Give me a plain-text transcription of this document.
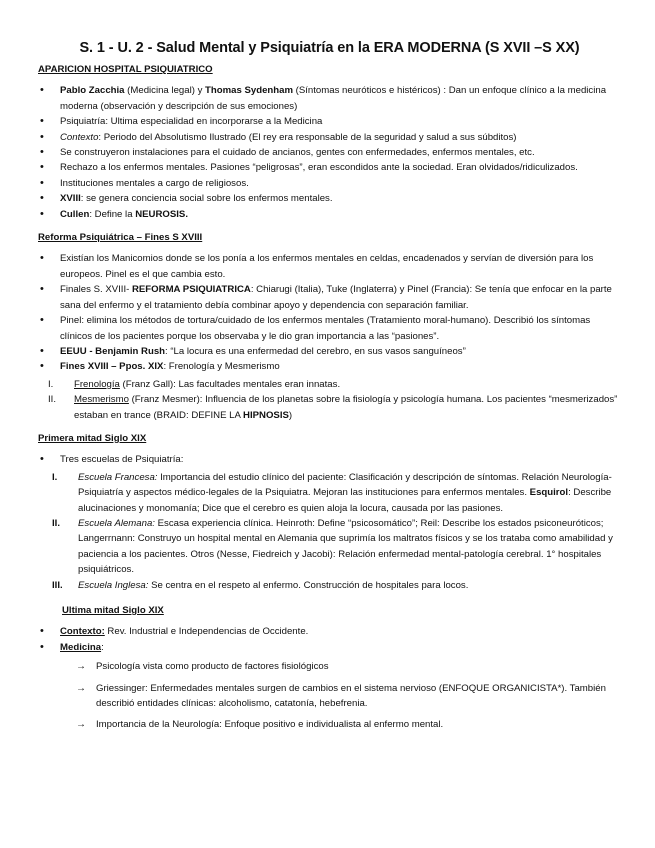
S. 1 - U. 2 - Salud Mental y Psiquiatría en la ERA MODERNA (S XVII –S XX)
APARICION HOSPITAL PSIQUIATRICO
• Pablo Zacchia (Medicina legal) y Thomas Sydenham (Síntomas neuróticos e histéricos) : Dan un enfoque clínico a la medicina moderna (observación y descripción de sus emociones)
• Psiquiatría: Ultima especialidad en incorporarse a la Medicina
• Contexto: Periodo del Absolutismo Ilustrado (El rey era responsable de la seguridad y salud a sus súbditos)
• Se construyeron instalaciones para el cuidado de ancianos, gentes con enfermedades, enfermos mentales, etc.
• Rechazo a los enfermos mentales. Pasiones “peligrosas”, eran escondidos ante la sociedad. Eran olvidados/ridiculizados.
• Instituciones mentales a cargo de religiosos.
• XVIII: se genera conciencia social sobre los enfermos mentales.
• Cullen: Define la NEUROSIS.
Reforma Psiquiátrica – Fines S XVIII
• Existían los Manicomios donde se los ponía a los enfermos mentales en celdas, encadenados y servían de diversión para los europeos. Pinel es el que cambia esto.
• Finales S. XVIII- REFORMA PSIQUIATRICA: Chiarugi (Italia), Tuke (Inglaterra) y Pinel (Francia): Se tenía que enfocar en la parte sana del enfermo y el tratamiento debía combinar apoyo y dependencia con separación familiar.
• Pinel: elimina los métodos de tortura/cuidado de los enfermos mentales (Tratamiento moral-humano). Describió los síntomas clínicos de los pacientes porque los observaba y le dio gran importancia a las “pasiones”.
• EEUU - Benjamin Rush: “La locura es una enfermedad del cerebro, en sus vasos sanguíneos”
• Fines XVIII – Ppos. XIX: Frenología y Mesmerismo
I. Frenología (Franz Gall): Las facultades mentales eran innatas.
II. Mesmerismo (Franz Mesmer): Influencia de los planetas sobre la fisiología y psicología humana. Los pacientes “mesmerizados” estaban en trance (BRAID: DEFINE LA HIPNOSIS)
Primera mitad Siglo XIX
• Tres escuelas de Psiquiatría:
I. Escuela Francesa: Importancia del estudio clínico del paciente: Clasificación y descripción de síntomas. Relación Neurología- Psiquiatría y aspectos médico-legales de la Psiquiatra. Mejoran las instituciones para enfermos mentales. Esquirol: Describe alucinaciones y monomanía; Dice que el cerebro es quien aloja la locura, causada por las pasiones.
II. Escuela Alemana: Escasa experiencia clínica. Heinroth: Define “psicosomático”; Reil: Describe los estados psiconeuróticos; Langerrnann: Construyo un hospital mental en Alemania que suprimía los maltratos físicos y se los trataba como amabilidad y paciencia a los pacientes. Otros (Nesse, Fiedreich y Jacobi): Relación enfermedad mental-patología cerebral. 1° hospitales psiquiátricos.
III. Escuela Inglesa: Se centra en el respeto al enfermo. Construcción de hospitales para locos.
Ultima mitad Siglo XIX
• Contexto: Rev. Industrial e Independencias de Occidente.
• Medicina:
→ Psicología vista como producto de factores fisiológicos
→ Griessinger: Enfermedades mentales surgen de cambios en el sistema nervioso (ENFOQUE ORGANICISTA*). También describió entidades clínicas: alcoholismo, catatonía, hebefrenia.
→ Importancia de la Neurología: Enfoque positivo e individualista al enfermo mental.
